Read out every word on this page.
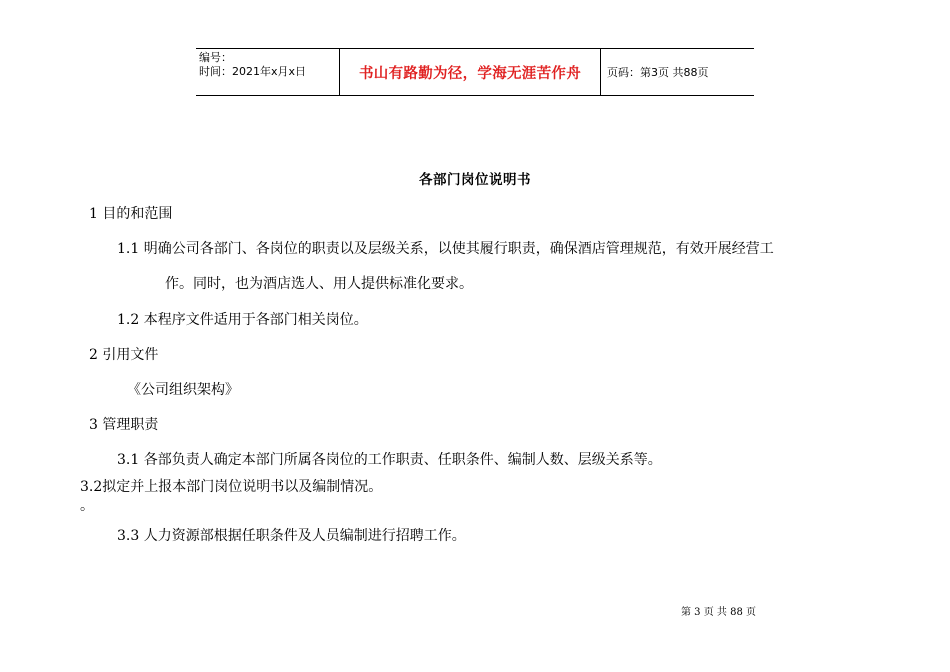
编号：
时间：2021年x月x日	书山有路勤为径，学海无涯苦作舟	页码：第3页 共88页
各部门岗位说明书
1 目的和范围
1.1 明确公司各部门、各岗位的职责以及层级关系，以使其履行职责，确保酒店管理规范，有效开展经营工
作。同时，也为酒店选人、用人提供标准化要求。
1.2 本程序文件适用于各部门相关岗位。
2 引用文件
《公司组织架构》
3 管理职责
3.1 各部负责人确定本部门所属各岗位的工作职责、任职条件、编制人数、层级关系等。
3.2拟定并上报本部门岗位说明书以及编制情况。
。
3.3 人力资源部根据任职条件及人员编制进行招聘工作。
第 3 页 共 88 页
